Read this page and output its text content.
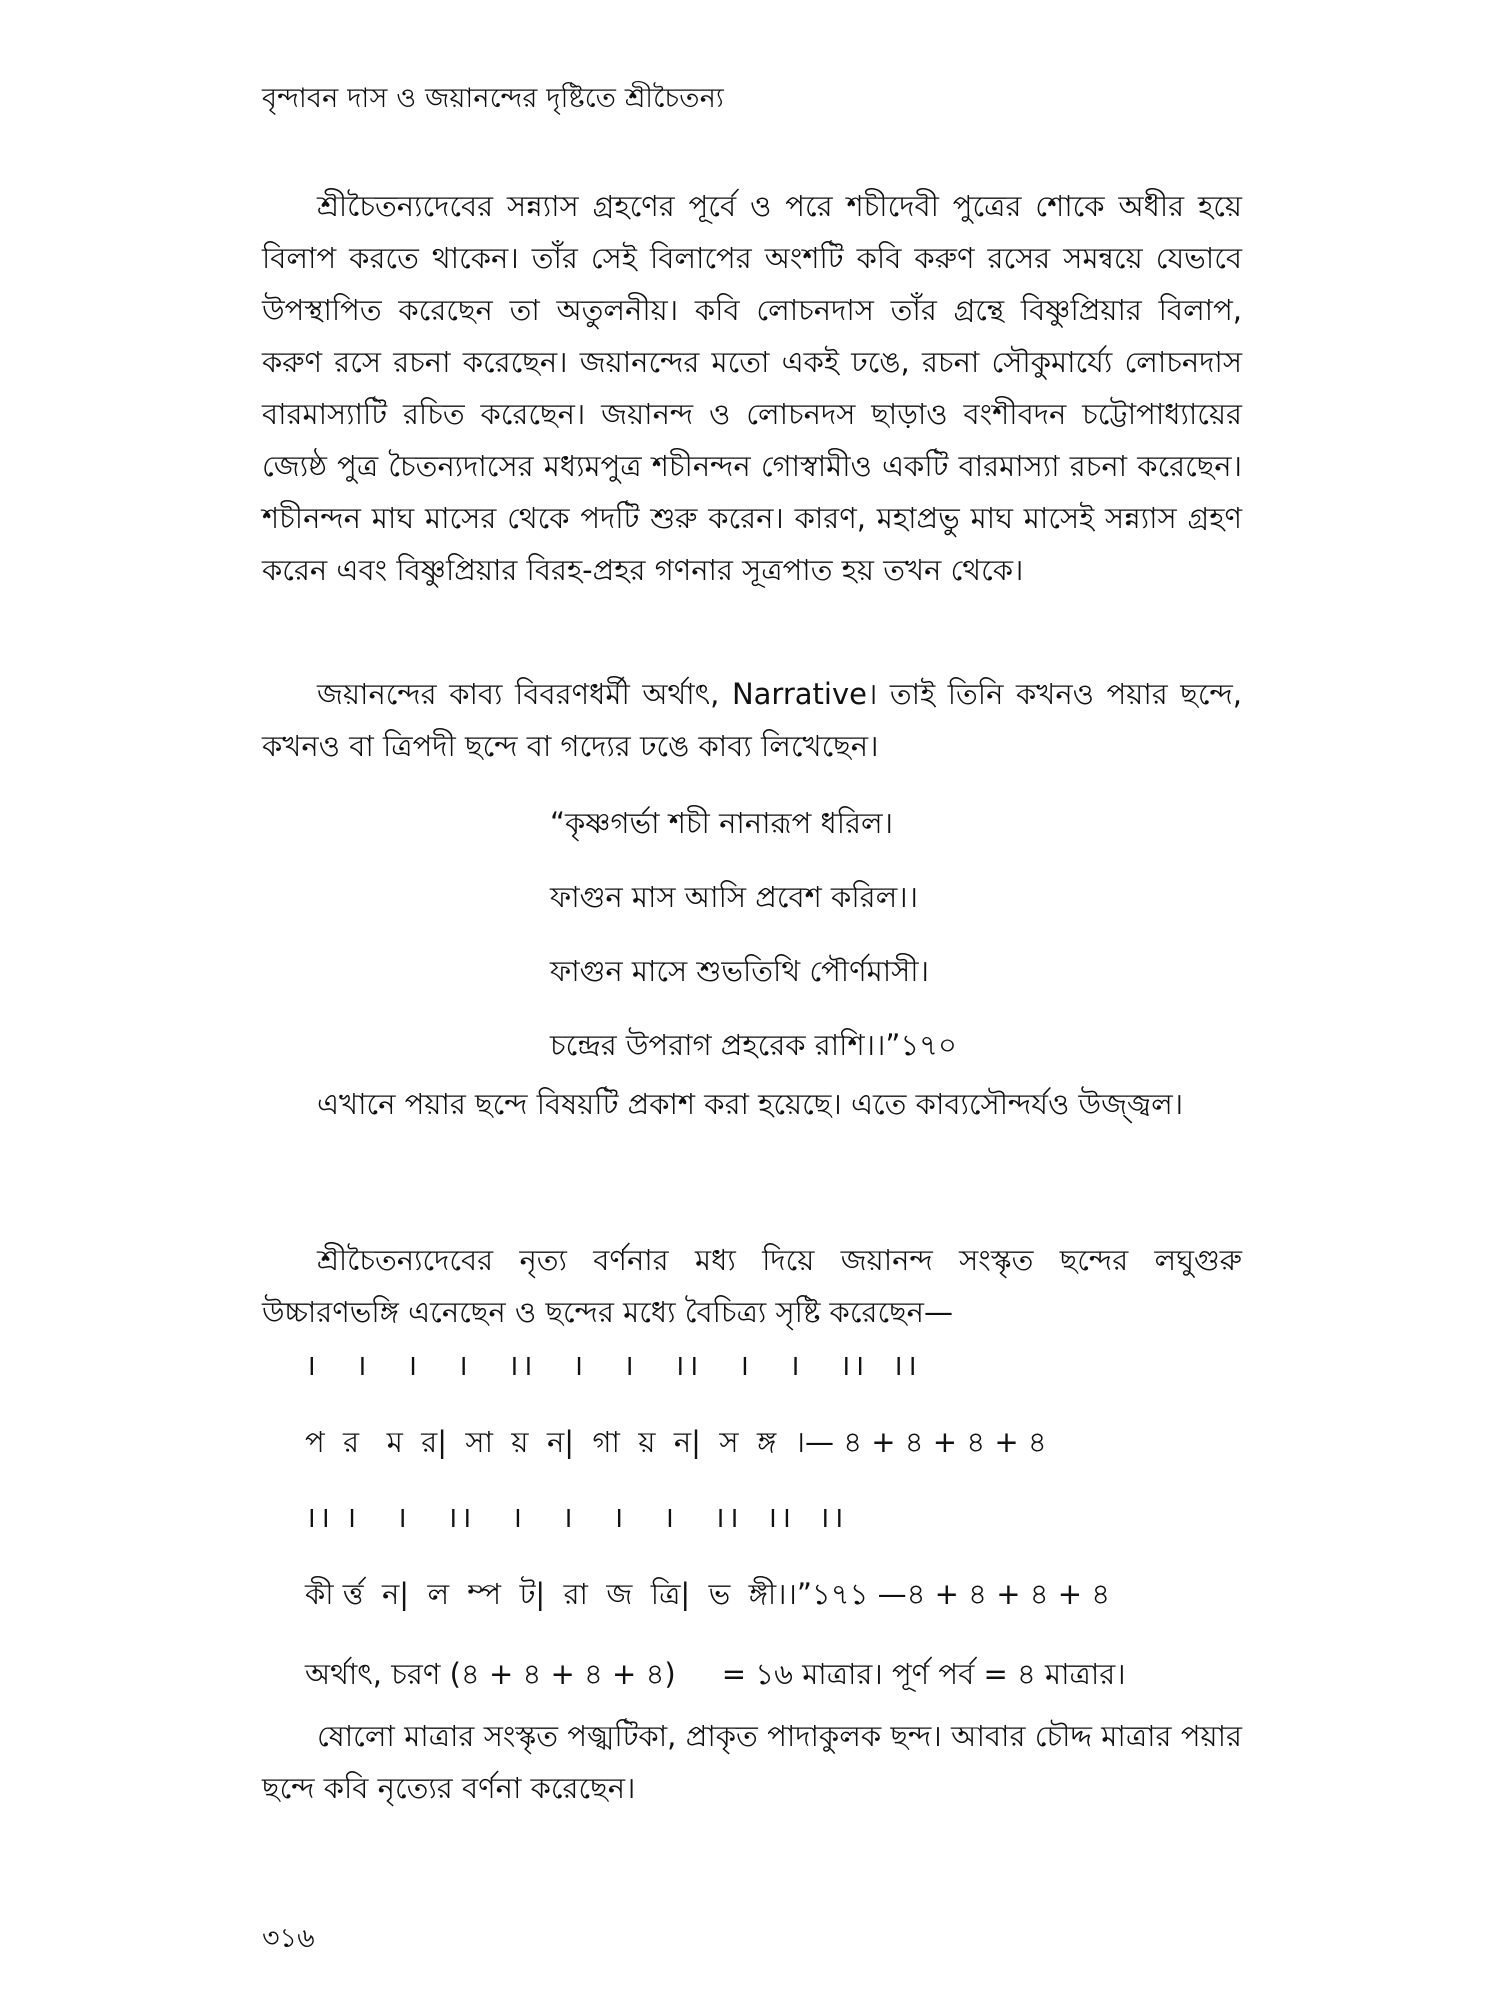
বৃন্দাবন দাস ও জয়ানন্দের দৃষ্টিতে শ্রীচৈতন্য

শ্রীচৈতন্যদেবের সন্ন্যাস গ্রহণের পূর্বে ও পরে শচীদেবী পুত্রের শোকে অধীর হয়ে বিলাপ করতে থাকেন। তাঁর সেই বিলাপের অংশটি কবি করুণ রসের সমন্বয়ে যেভাবে উপস্থাপিত করেছেন তা অতুলনীয়। কবি লোচনদাস তাঁর গ্রন্থে বিষ্ণুপ্রিয়ার বিলাপ, করুণ রসে রচনা করেছেন। জয়ানন্দের মতো একই ঢঙে, রচনা সৌকুমার্য্যে লোচনদাস বারমাস্যাটি রচিত করেছেন। জয়ানন্দ ও লোচনদস ছাড়াও বংশীবদন চট্টোপাধ্যায়ের জ্যেষ্ঠ পুত্র চৈতন্যদাসের মধ্যমপুত্র শচীনন্দন গোস্বামীও একটি বারমাস্যা রচনা করেছেন। শচীনন্দন মাঘ মাসের থেকে পদটি শুরু করেন। কারণ, মহাপ্রভু মাঘ মাসেই সন্ন্যাস গ্রহণ করেন এবং বিষ্ণুপ্রিয়ার বিরহ-প্রহর গণনার সূত্রপাত হয় তখন থেকে।

জয়ানন্দের কাব্য বিবরণধর্মী অর্থাৎ, Narrative। তাই তিনি কখনও পয়ার ছন্দে, কখনও বা ত্রিপদী ছন্দে বা গদ্যের ঢঙে কাব্য লিখেছেন।

“কৃষ্ণগর্ভা শচী নানারূপ ধরিল।
ফাগুন মাস আসি প্রবেশ করিল।।
ফাগুন মাসে শুভতিথি পৌর্ণমাসী।
চন্দ্রের উপরাগ প্রহরেক রাশি।।”১৭০

এখানে পয়ার ছন্দে বিষয়টি প্রকাশ করা হয়েছে। এতে কাব্যসৌন্দর্যও উজ্জ্বল।

শ্রীচৈতন্যদেবের নৃত্য বর্ণনার মধ্য দিয়ে জয়ানন্দ সংস্কৃত ছন্দের লঘুগুরু উচ্চারণভঙ্গি এনেছেন ও ছন্দের মধ্যে বৈচিত্র্য সৃষ্টি করেছেন—

।   ।   ।   ।   ।।   ।   ।   ।।   ।   ।   ।।  ।।
প  র   ম  র|  সা  য়  ন|  গা  য়  ন|  স  ঙ্গ  ।— ৪ + ৪ + ৪ + ৪
।। ।   ।   ।।   ।   ।   ।   ।   ।।  ।।  ।।
কী র্ত্ত  ন|  ল  ম্প  ট|  রা  জ  ত্রি|  ভ  ঙ্গী।।”১৭১ —৪ + ৪ + ৪ + ৪
অর্থাৎ, চরণ (৪ + ৪ + ৪ + ৪)     = ১৬ মাত্রার। পূর্ণ পর্ব = ৪ মাত্রার।

ষোলো মাত্রার সংস্কৃত পজ্ঝটিকা, প্রাকৃত পাদাকুলক ছন্দ। আবার চৌদ্দ মাত্রার পয়ার ছন্দে কবি নৃত্যের বর্ণনা করেছেন।

৩১৬
